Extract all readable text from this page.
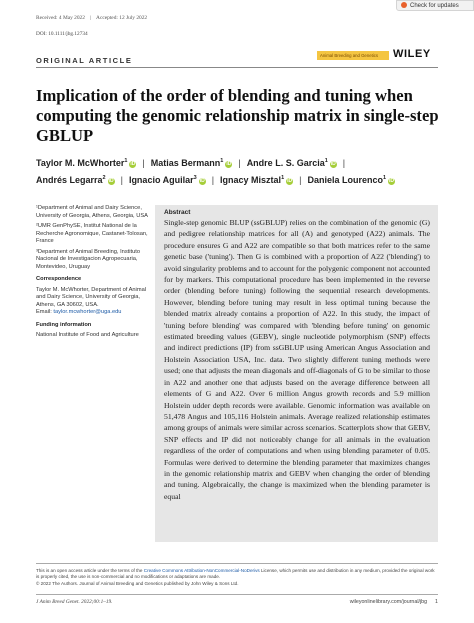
Check for updates
Received: 4 May 2022 | Accepted: 12 July 2022
DOI: 10.1111/jbg.12734
Animal Breeding and Genetics	WILEY
ORIGINAL ARTICLE
Implication of the order of blending and tuning when computing the genomic relationship matrix in single-step GBLUP
Taylor M. McWhorter$^1$ iD | Matias Bermann$^1$ iD | Andre L. S. Garcia$^1$ iD |
Andrés Legarra$^2$ iD | Ignacio Aguilar$^3$ iD | Ignacy Misztal$^1$ iD | Daniela Lourenco$^1$ iD

¹Department of Animal and Dairy Science, University of Georgia, Athens, Georgia, USA

²UMR GenPhySE, Institut National de la Recherche Agronomique, Castanet-Tolosan, France

³Department of Animal Breeding, Instituto Nacional de Investigacion Agropecuaria, Montevideo, Uruguay

Correspondence

Taylor M. McWhorter, Department of Animal and Dairy Science, University of Georgia, Athens, GA 30602, USA.
Email: taylor.mcwhorter@uga.edu

Funding information

National Institute of Food and Agriculture

Abstract
Single-step genomic BLUP (ssGBLUP) relies on the combination of the genomic (G) and pedigree relationship matrices for all (A) and genotyped (A22) animals. The procedure ensures G and A22 are compatible so that both matrices refer to the same genetic base ('tuning'). Then G is combined with a proportion of A22 ('blending') to avoid singularity problems and to account for the polygenic component not accounted for by markers. This computational procedure has been implemented in the reverse order (blending before tuning) following the sequential research developments. However, blending before tuning may result in less optimal tuning because the blended matrix already contains a proportion of A22. In this study, the impact of 'tuning before blending' was compared with 'blending before tuning' on genomic estimated breeding values (GEBV), single nucleotide polymorphism (SNP) effects and indirect predictions (IP) from ssGBLUP using American Angus Association and Holstein Association USA, Inc. data. Two slightly different tuning methods were used; one that adjusts the mean diagonals and off-diagonals of G to be similar to those in A22 and another one that adjusts based on the average difference between all elements of G and A22. Over 6 million Angus growth records and 5.9 million Holstein udder depth records were available. Genomic information was available on 51,478 Angus and 105,116 Holstein animals. Average realized relationship estimates among groups of animals were similar across scenarios. Scatterplots show that GEBV, SNP effects and IP did not noticeably change for all animals in the evaluation regardless of the order of computations and when using blending parameter of 0.05. Formulas were derived to determine the blending parameter that maximizes changes in the genomic relationship matrix and GEBV when changing the order of blending and tuning. Algebraically, the change is maximized when the blending parameter is equal
This is an open access article under the terms of the Creative Commons Attribution-NonCommercial-NoDerivs License, which permits use and distribution in any medium, provided the original work is properly cited, the use is non-commercial and no modifications or adaptations are made.
© 2022 The Authors. Journal of Animal Breeding and Genetics published by John Wiley & Sons Ltd.
J Anim Breed Genet. 2022;00:1–19.	wileyonlinelibrary.com/journal/jbg 1
